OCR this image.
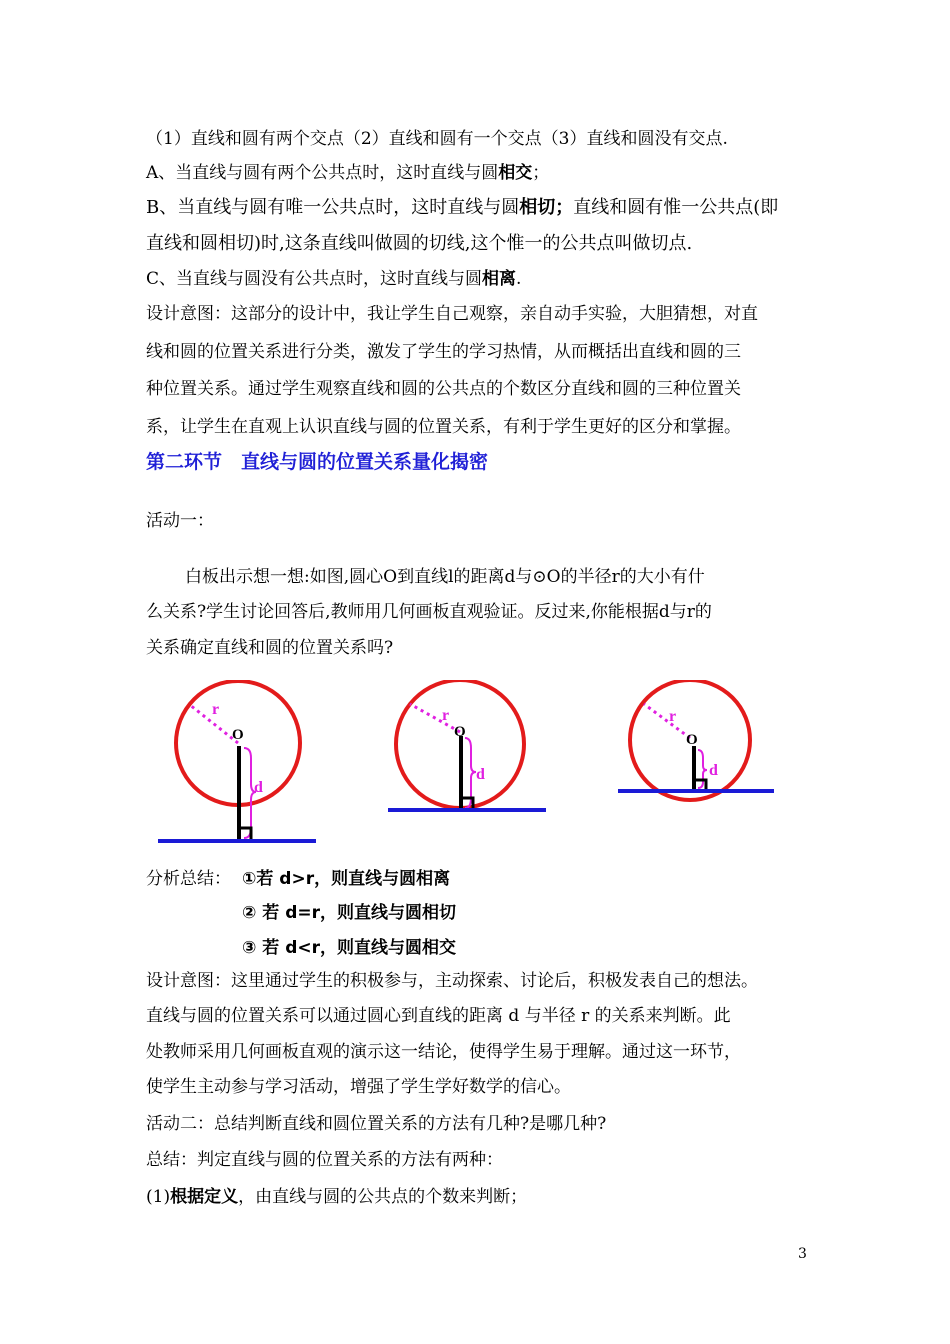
（1）直线和圆有两个交点（2）直线和圆有一个交点（3）直线和圆没有交点.
A、当直线与圆有两个公共点时，这时直线与圆相交；
B、当直线与圆有唯一公共点时，这时直线与圆相切；直线和圆有惟一公共点(即
直线和圆相切)时,这条直线叫做圆的切线,这个惟一的公共点叫做切点.
C、当直线与圆没有公共点时，这时直线与圆相离.
设计意图：这部分的设计中，我让学生自己观察，亲自动手实验，大胆猜想，对直
线和圆的位置关系进行分类，激发了学生的学习热情，从而概括出直线和圆的三
种位置关系。通过学生观察直线和圆的公共点的个数区分直线和圆的三种位置关
系，让学生在直观上认识直线与圆的位置关系，有利于学生更好的区分和掌握。
第二环节　直线与圆的位置关系量化揭密
活动一：
白板出示想一想:如图,圆心O到直线l的距离d与⊙O的半径r的大小有什
么关系?学生讨论回答后,教师用几何画板直观验证。反过来,你能根据d与r的
关系确定直线和圆的位置关系吗?
O
r
d
O
r
d
O
r
d
分析总结： ①若 d>r，则直线与圆相离
② 若 d=r，则直线与圆相切
③ 若 d<r，则直线与圆相交
设计意图：这里通过学生的积极参与，主动探索、讨论后，积极发表自己的想法。
直线与圆的位置关系可以通过圆心到直线的距离 d 与半径 r 的关系来判断。此
处教师采用几何画板直观的演示这一结论，使得学生易于理解。通过这一环节，
使学生主动参与学习活动，增强了学生学好数学的信心。
活动二：总结判断直线和圆位置关系的方法有几种?是哪几种?
总结：判定直线与圆的位置关系的方法有两种：
(1)根据定义，由直线与圆的公共点的个数来判断；
3
